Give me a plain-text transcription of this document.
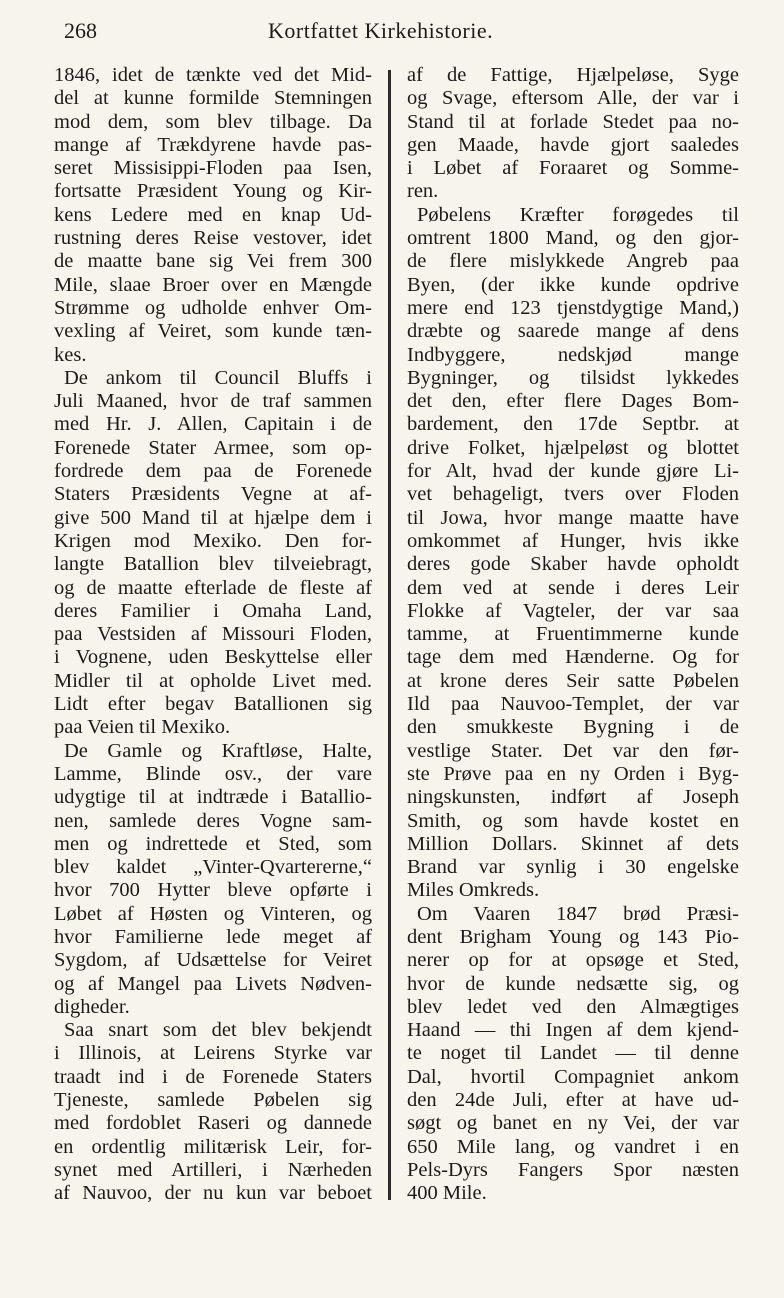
268	Kortfattet Kirkehistorie.
1846, idet de tænkte ved det Mid-
del at kunne formilde Stemningen
mod dem, som blev tilbage. Da
mange af Trækdyrene havde pas-
seret Missisippi-Floden paa Isen,
fortsatte Præsident Young og Kir-
kens Ledere med en knap Ud-
rustning deres Reise vestover, idet
de maatte bane sig Vei frem 300
Mile, slaae Broer over en Mængde
Strømme og udholde enhver Om-
vexling af Veiret, som kunde tæn-
kes.
De ankom til Council Bluffs i
Juli Maaned, hvor de traf sammen
med Hr. J. Allen, Capitain i de
Forenede Stater Armee, som op-
fordrede dem paa de Forenede
Staters Præsidents Vegne at af-
give 500 Mand til at hjælpe dem i
Krigen mod Mexiko. Den for-
langte Batallion blev tilveiebragt,
og de maatte efterlade de fleste af
deres Familier i Omaha Land,
paa Vestsiden af Missouri Floden,
i Vognene, uden Beskyttelse eller
Midler til at opholde Livet med.
Lidt efter begav Batallionen sig
paa Veien til Mexiko.
De Gamle og Kraftløse, Halte,
Lamme, Blinde osv., der vare
udygtige til at indtræde i Batallio-
nen, samlede deres Vogne sam-
men og indrettede et Sted, som
blev kaldet „Vinter-Qvartererne,“
hvor 700 Hytter bleve opførte i
Løbet af Høsten og Vinteren, og
hvor Familierne lede meget af
Sygdom, af Udsættelse for Veiret
og af Mangel paa Livets Nødven-
digheder.
Saa snart som det blev bekjendt
i Illinois, at Leirens Styrke var
traadt ind i de Forenede Staters
Tjeneste, samlede Pøbelen sig
med fordoblet Raseri og dannede
en ordentlig militærisk Leir, for-
synet med Artilleri, i Nærheden
af Nauvoo, der nu kun var beboet
af de Fattige, Hjælpeløse, Syge
og Svage, eftersom Alle, der var i
Stand til at forlade Stedet paa no-
gen Maade, havde gjort saaledes
i Løbet af Foraaret og Somme-
ren.
Pøbelens Kræfter forøgedes til
omtrent 1800 Mand, og den gjor-
de flere mislykkede Angreb paa
Byen, (der ikke kunde opdrive
mere end 123 tjenstdygtige Mand,)
dræbte og saarede mange af dens
Indbyggere, nedskjød mange
Bygninger, og tilsidst lykkedes
det den, efter flere Dages Bom-
bardement, den 17de Septbr. at
drive Folket, hjælpeløst og blottet
for Alt, hvad der kunde gjøre Li-
vet behageligt, tvers over Floden
til Jowa, hvor mange maatte have
omkommet af Hunger, hvis ikke
deres gode Skaber havde opholdt
dem ved at sende i deres Leir
Flokke af Vagteler, der var saa
tamme, at Fruentimmerne kunde
tage dem med Hænderne. Og for
at krone deres Seir satte Pøbelen
Ild paa Nauvoo-Templet, der var
den smukkeste Bygning i de
vestlige Stater. Det var den før-
ste Prøve paa en ny Orden i Byg-
ningskunsten, indført af Joseph
Smith, og som havde kostet en
Million Dollars. Skinnet af dets
Brand var synlig i 30 engelske
Miles Omkreds.
Om Vaaren 1847 brød Præsi-
dent Brigham Young og 143 Pio-
nerer op for at opsøge et Sted,
hvor de kunde nedsætte sig, og
blev ledet ved den Almægtiges
Haand — thi Ingen af dem kjend-
te noget til Landet — til denne
Dal, hvortil Compagniet ankom
den 24de Juli, efter at have ud-
søgt og banet en ny Vei, der var
650 Mile lang, og vandret i en
Pels-Dyrs Fangers Spor næsten
400 Mile.
